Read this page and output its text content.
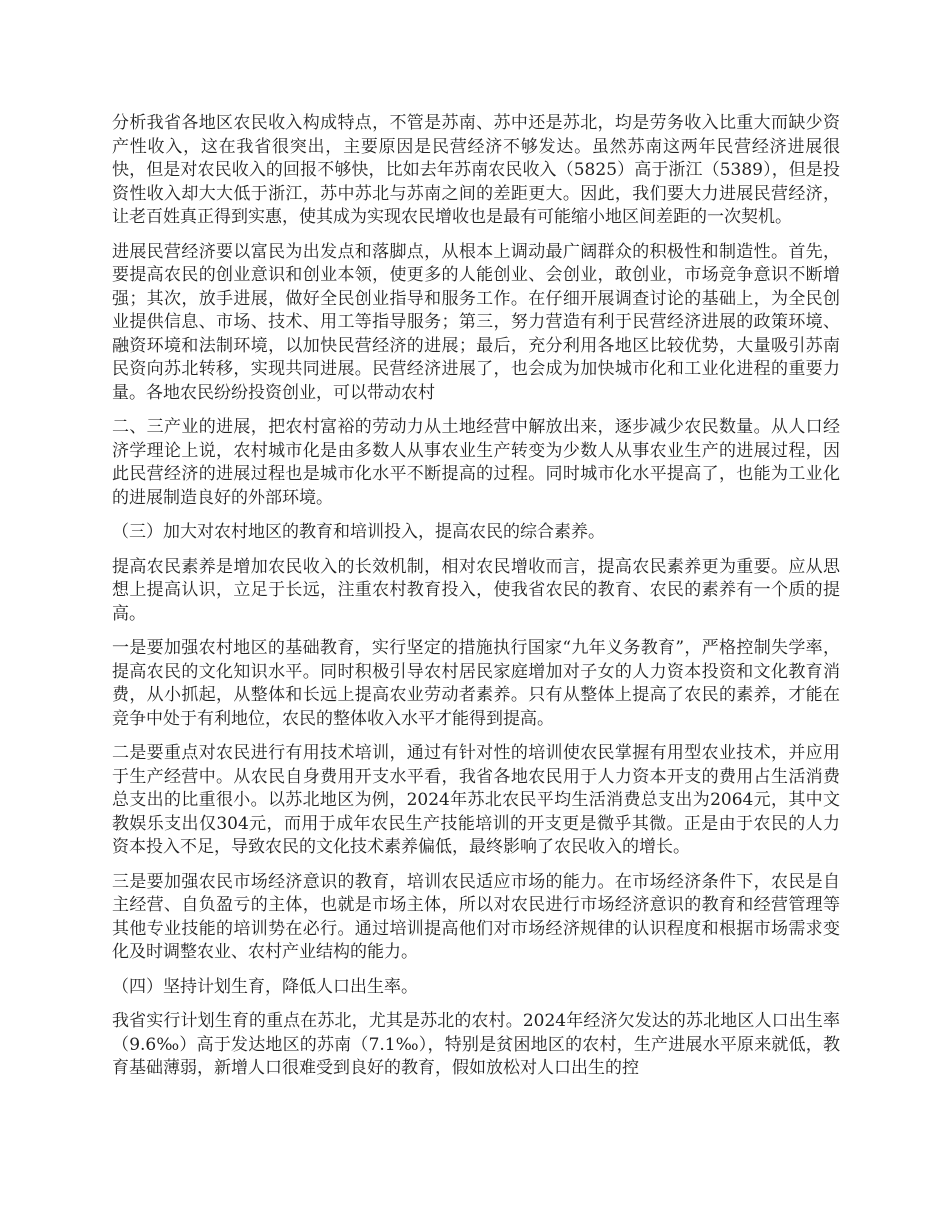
分析我省各地区农民收入构成特点，不管是苏南、苏中还是苏北，均是劳务收入比重大而缺少资产性收入，这在我省很突出，主要原因是民营经济不够发达。虽然苏南这两年民营经济进展很快，但是对农民收入的回报不够快，比如去年苏南农民收入（5825）高于浙江（5389），但是投资性收入却大大低于浙江，苏中苏北与苏南之间的差距更大。因此，我们要大力进展民营经济，让老百姓真正得到实惠，使其成为实现农民增收也是最有可能缩小地区间差距的一次契机。

进展民营经济要以富民为出发点和落脚点，从根本上调动最广阔群众的积极性和制造性。首先，要提高农民的创业意识和创业本领，使更多的人能创业、会创业，敢创业，市场竞争意识不断增强；其次，放手进展，做好全民创业指导和服务工作。在仔细开展调查讨论的基础上，为全民创业提供信息、市场、技术、用工等指导服务；第三，努力营造有利于民营经济进展的政策环境、融资环境和法制环境，以加快民营经济的进展；最后，充分利用各地区比较优势，大量吸引苏南民资向苏北转移，实现共同进展。民营经济进展了，也会成为加快城市化和工业化进程的重要力量。各地农民纷纷投资创业，可以带动农村

二、三产业的进展，把农村富裕的劳动力从土地经营中解放出来，逐步减少农民数量。从人口经济学理论上说，农村城市化是由多数人从事农业生产转变为少数人从事农业生产的进展过程，因此民营经济的进展过程也是城市化水平不断提高的过程。同时城市化水平提高了，也能为工业化的进展制造良好的外部环境。

（三）加大对农村地区的教育和培训投入，提高农民的综合素养。

提高农民素养是增加农民收入的长效机制，相对农民增收而言，提高农民素养更为重要。应从思想上提高认识，立足于长远，注重农村教育投入，使我省农民的教育、农民的素养有一个质的提高。

一是要加强农村地区的基础教育，实行坚定的措施执行国家“九年义务教育”，严格控制失学率，提高农民的文化知识水平。同时积极引导农村居民家庭增加对子女的人力资本投资和文化教育消费，从小抓起，从整体和长远上提高农业劳动者素养。只有从整体上提高了农民的素养，才能在竞争中处于有利地位，农民的整体收入水平才能得到提高。

二是要重点对农民进行有用技术培训，通过有针对性的培训使农民掌握有用型农业技术，并应用于生产经营中。从农民自身费用开支水平看，我省各地农民用于人力资本开支的费用占生活消费总支出的比重很小。以苏北地区为例，2024年苏北农民平均生活消费总支出为2064元，其中文教娱乐支出仅304元，而用于成年农民生产技能培训的开支更是微乎其微。正是由于农民的人力资本投入不足，导致农民的文化技术素养偏低，最终影响了农民收入的增长。

三是要加强农民市场经济意识的教育，培训农民适应市场的能力。在市场经济条件下，农民是自主经营、自负盈亏的主体，也就是市场主体，所以对农民进行市场经济意识的教育和经营管理等其他专业技能的培训势在必行。通过培训提高他们对市场经济规律的认识程度和根据市场需求变化及时调整农业、农村产业结构的能力。

（四）坚持计划生育，降低人口出生率。

我省实行计划生育的重点在苏北，尤其是苏北的农村。2024年经济欠发达的苏北地区人口出生率（9.6‰）高于发达地区的苏南（7.1‰），特别是贫困地区的农村，生产进展水平原来就低，教育基础薄弱，新增人口很难受到良好的教育，假如放松对人口出生的控
